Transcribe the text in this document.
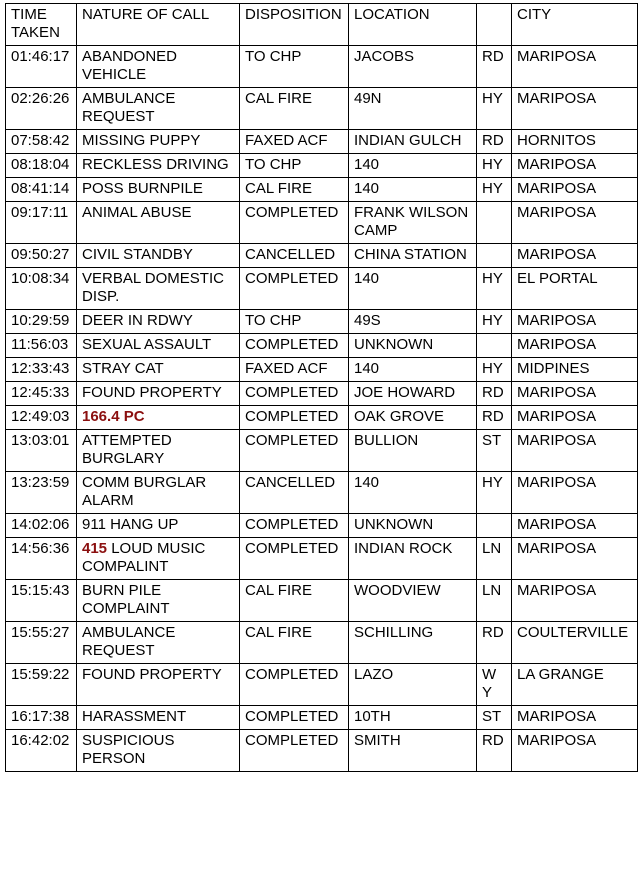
TIME TAKEN	NATURE OF CALL	DISPOSITION	LOCATION		CITY
01:46:17	ABANDONED VEHICLE	TO CHP	JACOBS	RD	MARIPOSA
02:26:26	AMBULANCE REQUEST	CAL FIRE	49N	HY	MARIPOSA
07:58:42	MISSING PUPPY	FAXED ACF	INDIAN GULCH	RD	HORNITOS
08:18:04	RECKLESS DRIVING	TO CHP	140	HY	MARIPOSA
08:41:14	POSS BURNPILE	CAL FIRE	140	HY	MARIPOSA
09:17:11	ANIMAL ABUSE	COMPLETED	FRANK WILSON CAMP		MARIPOSA
09:50:27	CIVIL STANDBY	CANCELLED	CHINA STATION		MARIPOSA
10:08:34	VERBAL DOMESTIC DISP.	COMPLETED	140	HY	EL PORTAL
10:29:59	DEER IN RDWY	TO CHP	49S	HY	MARIPOSA
11:56:03	SEXUAL ASSAULT	COMPLETED	UNKNOWN		MARIPOSA
12:33:43	STRAY CAT	FAXED ACF	140	HY	MIDPINES
12:45:33	FOUND PROPERTY	COMPLETED	JOE HOWARD	RD	MARIPOSA
12:49:03	166.4 PC	COMPLETED	OAK GROVE	RD	MARIPOSA
13:03:01	ATTEMPTED BURGLARY	COMPLETED	BULLION	ST	MARIPOSA
13:23:59	COMM BURGLAR ALARM	CANCELLED	140	HY	MARIPOSA
14:02:06	911 HANG UP	COMPLETED	UNKNOWN		MARIPOSA
14:56:36	415 LOUD MUSIC COMPALINT	COMPLETED	INDIAN ROCK	LN	MARIPOSA
15:15:43	BURN PILE COMPLAINT	CAL FIRE	WOODVIEW	LN	MARIPOSA
15:55:27	AMBULANCE REQUEST	CAL FIRE	SCHILLING	RD	COULTERVILLE
15:59:22	FOUND PROPERTY	COMPLETED	LAZO	WY	LA GRANGE
16:17:38	HARASSMENT	COMPLETED	10TH	ST	MARIPOSA
16:42:02	SUSPICIOUS PERSON	COMPLETED	SMITH	RD	MARIPOSA
